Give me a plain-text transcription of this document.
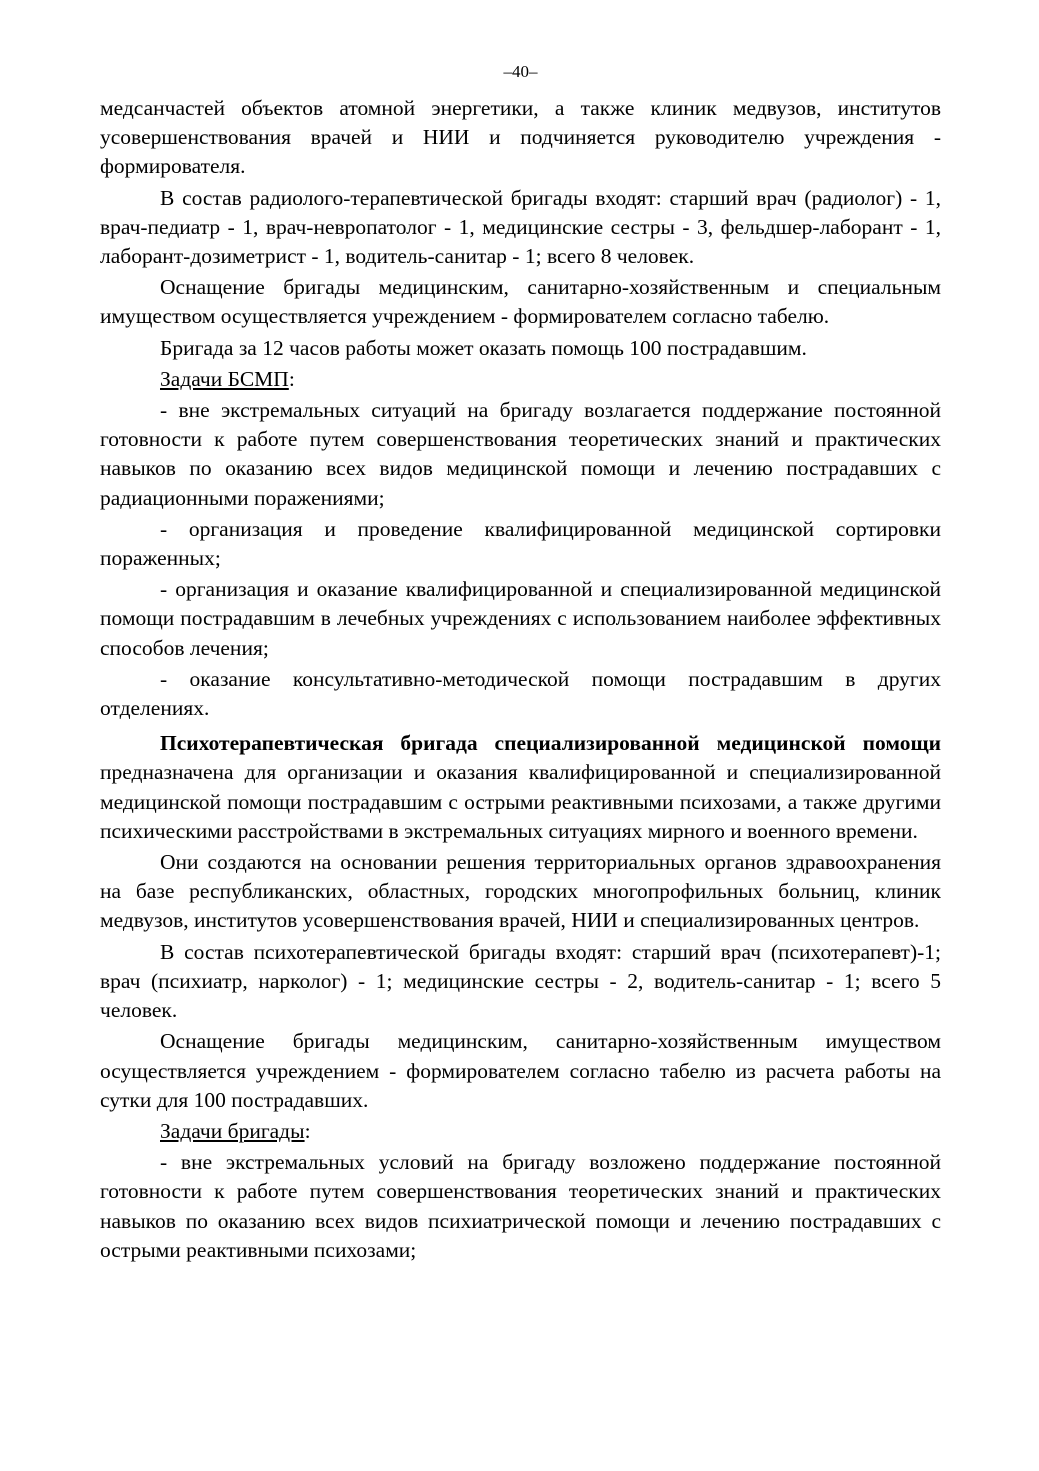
–40–

медсанчастей объектов атомной энергетики, а также клиник медвузов, институтов усовершенствования врачей и НИИ и подчиняется руководителю учреждения - формирователя.

В состав радиолого-терапевтической бригады входят: старший врач (радиолог) - 1, врач-педиатр - 1, врач-невропатолог - 1, медицинские сестры - 3, фельдшер-лаборант - 1, лаборант-дозиметрист - 1, водитель-санитар - 1; всего 8 человек.

Оснащение бригады медицинским, санитарно-хозяйственным и специальным имуществом осуществляется учреждением - формирователем согласно табелю.

Бригада за 12 часов работы может оказать помощь 100 пострадавшим.

Задачи БСМП:

- вне экстремальных ситуаций на бригаду возлагается поддержание постоянной готовности к работе путем совершенствования теоретических знаний и практических навыков по оказанию всех видов медицинской помощи и лечению пострадавших с радиационными поражениями;

- организация и проведение квалифицированной медицинской сортировки пораженных;

- организация и оказание квалифицированной и специализированной медицинской помощи пострадавшим в лечебных учреждениях с использованием наиболее эффективных способов лечения;

- оказание консультативно-методической помощи пострадавшим в других отделениях.

Психотерапевтическая бригада специализированной медицинской помощи предназначена для организации и оказания квалифицированной и специализированной медицинской помощи пострадавшим с острыми реактивными психозами, а также другими психическими расстройствами в экстремальных ситуациях мирного и военного времени.

Они создаются на основании решения территориальных органов здравоохранения на базе республиканских, областных, городских многопрофильных больниц, клиник медвузов, институтов усовершенствования врачей, НИИ и специализированных центров.

В состав психотерапевтической бригады входят: старший врач (психотерапевт)-1; врач (психиатр, нарколог) - 1; медицинские сестры - 2, водитель-санитар - 1; всего 5 человек.

Оснащение бригады медицинским, санитарно-хозяйственным имуществом осуществляется учреждением - формирователем согласно табелю из расчета работы на сутки для 100 пострадавших.

Задачи бригады:

- вне экстремальных условий на бригаду возложено поддержание постоянной готовности к работе путем совершенствования теоретических знаний и практических навыков по оказанию всех видов психиатрической помощи и лечению пострадавших с острыми реактивными психозами;
